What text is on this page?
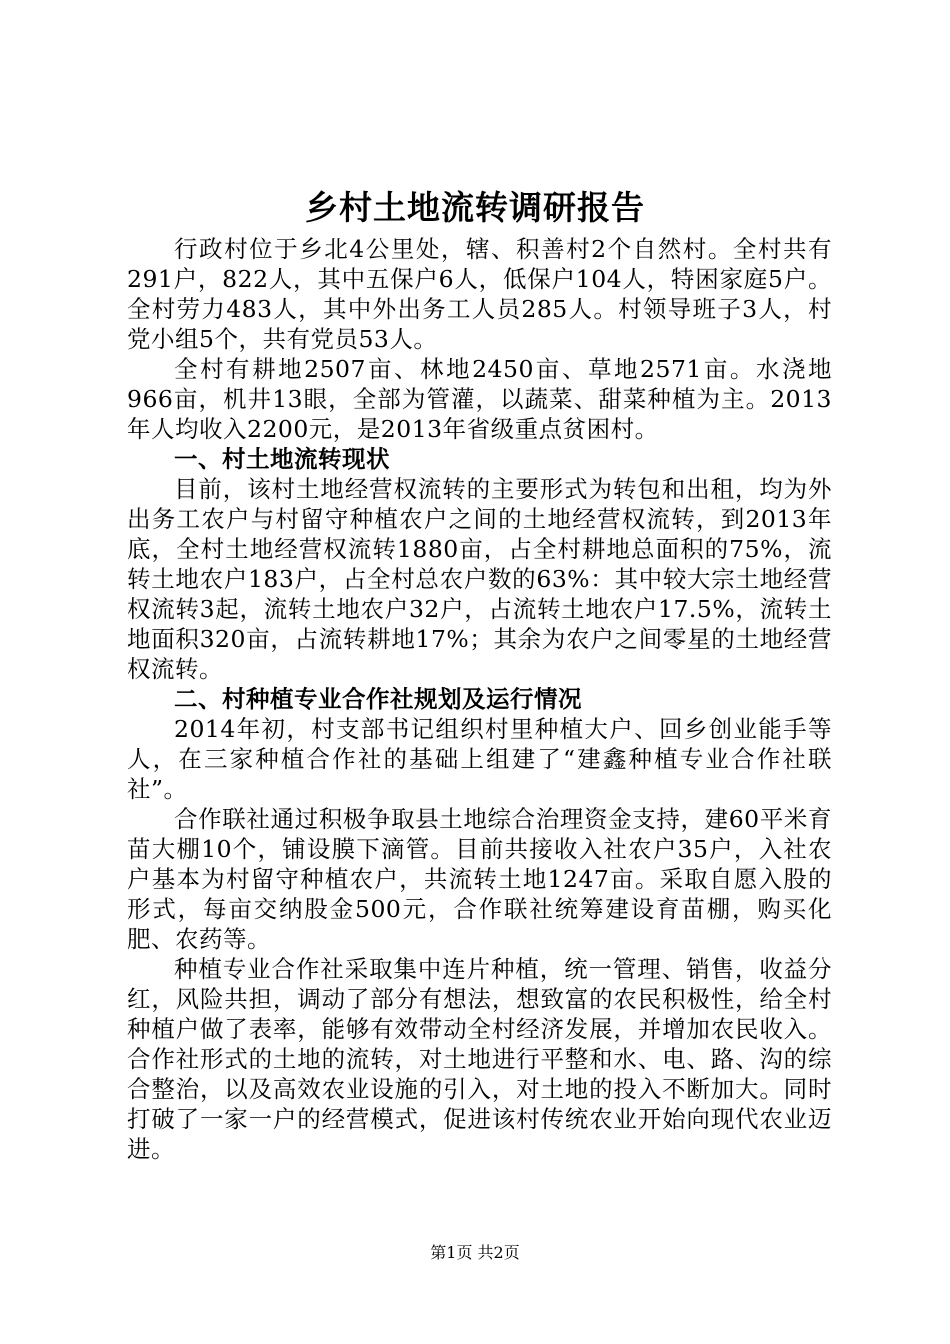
乡村土地流转调研报告

行政村位于乡北4公里处，辖、积善村2个自然村。全村共有291户，822人，其中五保户6人，低保户104人，特困家庭5户。全村劳力483人，其中外出务工人员285人。村领导班子3人，村党小组5个，共有党员53人。

全村有耕地2507亩、林地2450亩、草地2571亩。水浇地966亩，机井13眼，全部为管灌，以蔬菜、甜菜种植为主。2013年人均收入2200元，是2013年省级重点贫困村。

一、村土地流转现状

目前，该村土地经营权流转的主要形式为转包和出租，均为外出务工农户与村留守种植农户之间的土地经营权流转，到2013年底，全村土地经营权流转1880亩，占全村耕地总面积的75%，流转土地农户183户，占全村总农户数的63%：其中较大宗土地经营权流转3起，流转土地农户32户，占流转土地农户17.5%，流转土地面积320亩，占流转耕地17%；其余为农户之间零星的土地经营权流转。

二、村种植专业合作社规划及运行情况

2014年初，村支部书记组织村里种植大户、回乡创业能手等人，在三家种植合作社的基础上组建了“建鑫种植专业合作社联社”。

合作联社通过积极争取县土地综合治理资金支持，建60平米育苗大棚10个，铺设膜下滴管。目前共接收入社农户35户，入社农户基本为村留守种植农户，共流转土地1247亩。采取自愿入股的形式，每亩交纳股金500元，合作联社统筹建设育苗棚，购买化肥、农药等。

种植专业合作社采取集中连片种植，统一管理、销售，收益分红，风险共担，调动了部分有想法，想致富的农民积极性，给全村种植户做了表率，能够有效带动全村经济发展，并增加农民收入。合作社形式的土地的流转，对土地进行平整和水、电、路、沟的综合整治，以及高效农业设施的引入，对土地的投入不断加大。同时打破了一家一户的经营模式，促进该村传统农业开始向现代农业迈进。

第1页 共2页
